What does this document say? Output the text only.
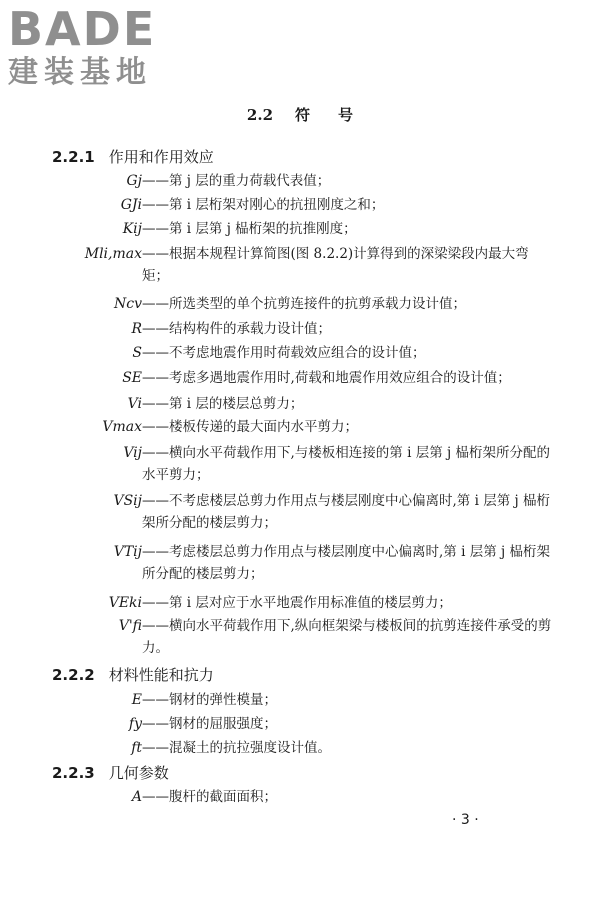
BADE
建装基地
2.2 符 号
2.2.1 作用和作用效应
Gj ——第 j 层的重力荷载代表值；
GJi ——第 i 层桁架对刚心的抗扭刚度之和；
Kij ——第 i 层第 j 榀桁架的抗推刚度；
Mli,max ——根据本规程计算简图(图 8.2.2)计算得到的深梁梁段内最大弯矩；
Ncv ——所选类型的单个抗剪连接件的抗剪承载力设计值；
R ——结构构件的承载力设计值；
S ——不考虑地震作用时荷载效应组合的设计值；
SE ——考虑多遇地震作用时,荷载和地震作用效应组合的设计值；
Vi ——第 i 层的楼层总剪力；
Vmax ——楼板传递的最大面内水平剪力；
Vij ——横向水平荷载作用下,与楼板相连接的第 i 层第 j 榀桁架所分配的水平剪力；
VSij ——不考虑楼层总剪力作用点与楼层刚度中心偏离时,第 i 层第 j 榀桁架所分配的楼层剪力；
VTij ——考虑楼层总剪力作用点与楼层刚度中心偏离时,第 i 层第 j 榀桁架所分配的楼层剪力；
VEki ——第 i 层对应于水平地震作用标准值的楼层剪力；
V'fi ——横向水平荷载作用下,纵向框架梁与楼板间的抗剪连接件承受的剪力。
2.2.2 材料性能和抗力
E ——钢材的弹性模量；
fy ——钢材的屈服强度；
ft ——混凝土的抗拉强度设计值。
2.2.3 几何参数
A ——腹杆的截面面积；
· 3 ·
